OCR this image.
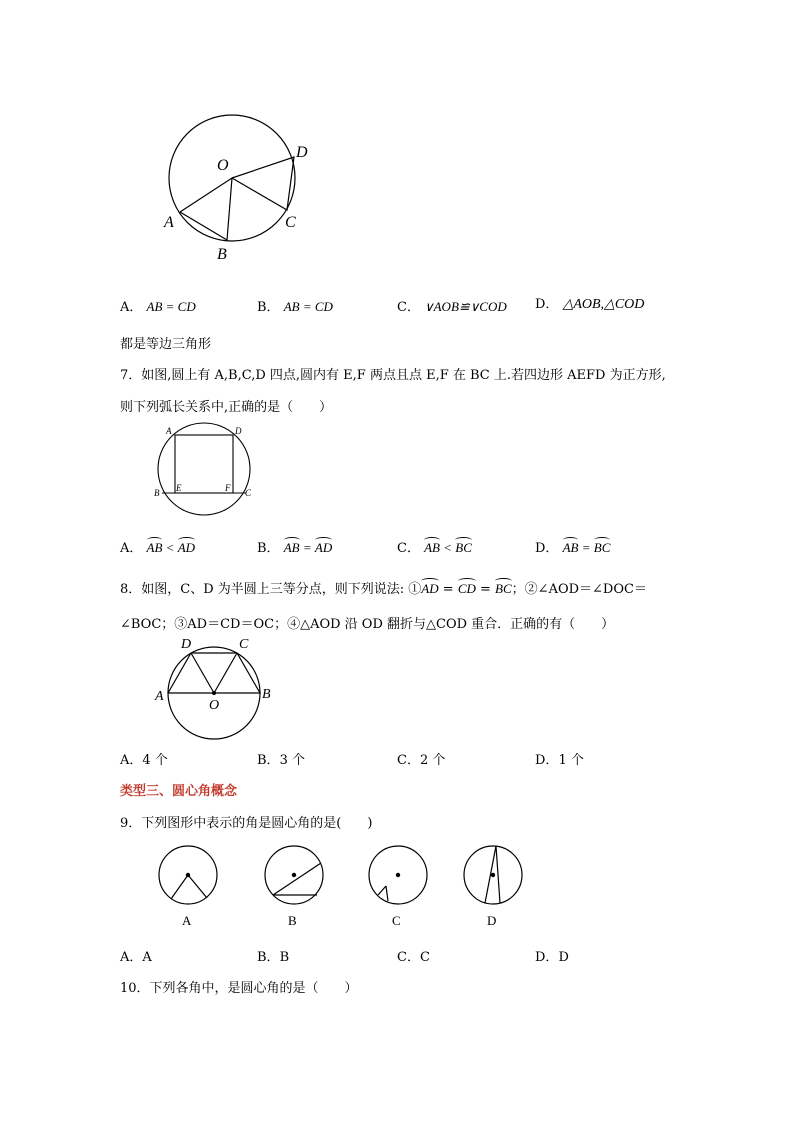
O
D
C
A
B
A． AB = CD	B． AB = CD	C． ∨AOB≌∨COD D． △AOB,△COD
都是等边三角形
7．如图,圆上有 A,B,C,D 四点,圆内有 E,F 两点且点 E,F 在 BC 上.若四边形 AEFD 为正方形,
则下列弧长关系中,正确的是（　　）
A	D
B E	F C
A． AB < AD	B． AB = AD	C． AB < BC	D． AB = BC
8．如图，C、D 为半圆上三等分点，则下列说法: ①AD = CD = BC；②∠AOD＝∠DOC＝
∠BOC；③AD＝CD＝OC；④△AOD 沿 OD 翻折与△COD 重合．正确的有（　　）
D	C
A	B
O
A．4 个	B．3 个	C．2 个	D．1 个
类型三、圆心角概念
9．下列图形中表示的角是圆心角的是(　　)
A	B	C	D
A．A	B．B	C．C	D．D
10．下列各角中，是圆心角的是（　　）
